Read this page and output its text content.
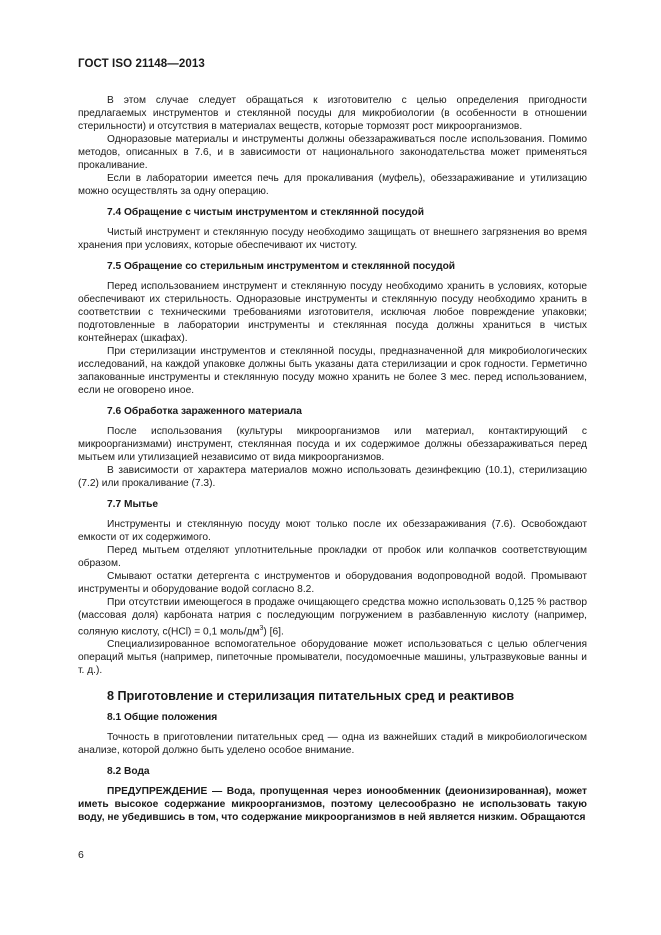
ГОСТ ISO 21148—2013

В этом случае следует обращаться к изготовителю с целью определения пригодности предлагаемых инструментов и стеклянной посуды для микробиологии (в особенности в отношении стерильности) и отсутствия в материалах веществ, которые тормозят рост микроорганизмов.

Одноразовые материалы и инструменты должны обеззараживаться после использования. Помимо методов, описанных в 7.6, и в зависимости от национального законодательства может применяться прокаливание.

Если в лаборатории имеется печь для прокаливания (муфель), обеззараживание и утилизацию можно осуществлять за одну операцию.

7.4 Обращение с чистым инструментом и стеклянной посудой

Чистый инструмент и стеклянную посуду необходимо защищать от внешнего загрязнения во время хранения при условиях, которые обеспечивают их чистоту.

7.5 Обращение со стерильным инструментом и стеклянной посудой

Перед использованием инструмент и стеклянную посуду необходимо хранить в условиях, которые обеспечивают их стерильность. Одноразовые инструменты и стеклянную посуду необходимо хранить в соответствии с техническими требованиями изготовителя, исключая любое повреждение упаковки; подготовленные в лаборатории инструменты и стеклянная посуда должны храниться в чистых контейнерах (шкафах).

При стерилизации инструментов и стеклянной посуды, предназначенной для микробиологических исследований, на каждой упаковке должны быть указаны дата стерилизации и срок годности. Герметично запакованные инструменты и стеклянную посуду можно хранить не более 3 мес. перед использованием, если не оговорено иное.

7.6 Обработка зараженного материала

После использования (культуры микроорганизмов или материал, контактирующий с микроорганизмами) инструмент, стеклянная посуда и их содержимое должны обеззараживаться перед мытьем или утилизацией независимо от вида микроорганизмов.

В зависимости от характера материалов можно использовать дезинфекцию (10.1), стерилизацию (7.2) или прокаливание (7.3).

7.7 Мытье

Инструменты и стеклянную посуду моют только после их обеззараживания (7.6). Освобождают емкости от их содержимого.

Перед мытьем отделяют уплотнительные прокладки от пробок или колпачков соответствующим образом.

Смывают остатки детергента с инструментов и оборудования водопроводной водой. Промывают инструменты и оборудование водой согласно 8.2.

При отсутствии имеющегося в продаже очищающего средства можно использовать 0,125 % раствор (массовая доля) карбоната натрия с последующим погружением в разбавленную кислоту (например, соляную кислоту, c(HCl) = 0,1 моль/$дм^3$) [6].

Специализированное вспомогательное оборудование может использоваться с целью облегчения операций мытья (например, пипеточные промыватели, посудомоечные машины, ультразвуковые ванны и т. д.).

8 Приготовление и стерилизация питательных сред и реактивов
8.1 Общие положения

Точность в приготовлении питательных сред — одна из важнейших стадий в микробиологическом анализе, которой должно быть уделено особое внимание.

8.2 Вода

ПРЕДУПРЕЖДЕНИЕ — Вода, пропущенная через ионообменник (деионизированная), может иметь высокое содержание микроорганизмов, поэтому целесообразно не использовать такую воду, не убедившись в том, что содержание микроорганизмов в ней является низким. Обращаются

6
